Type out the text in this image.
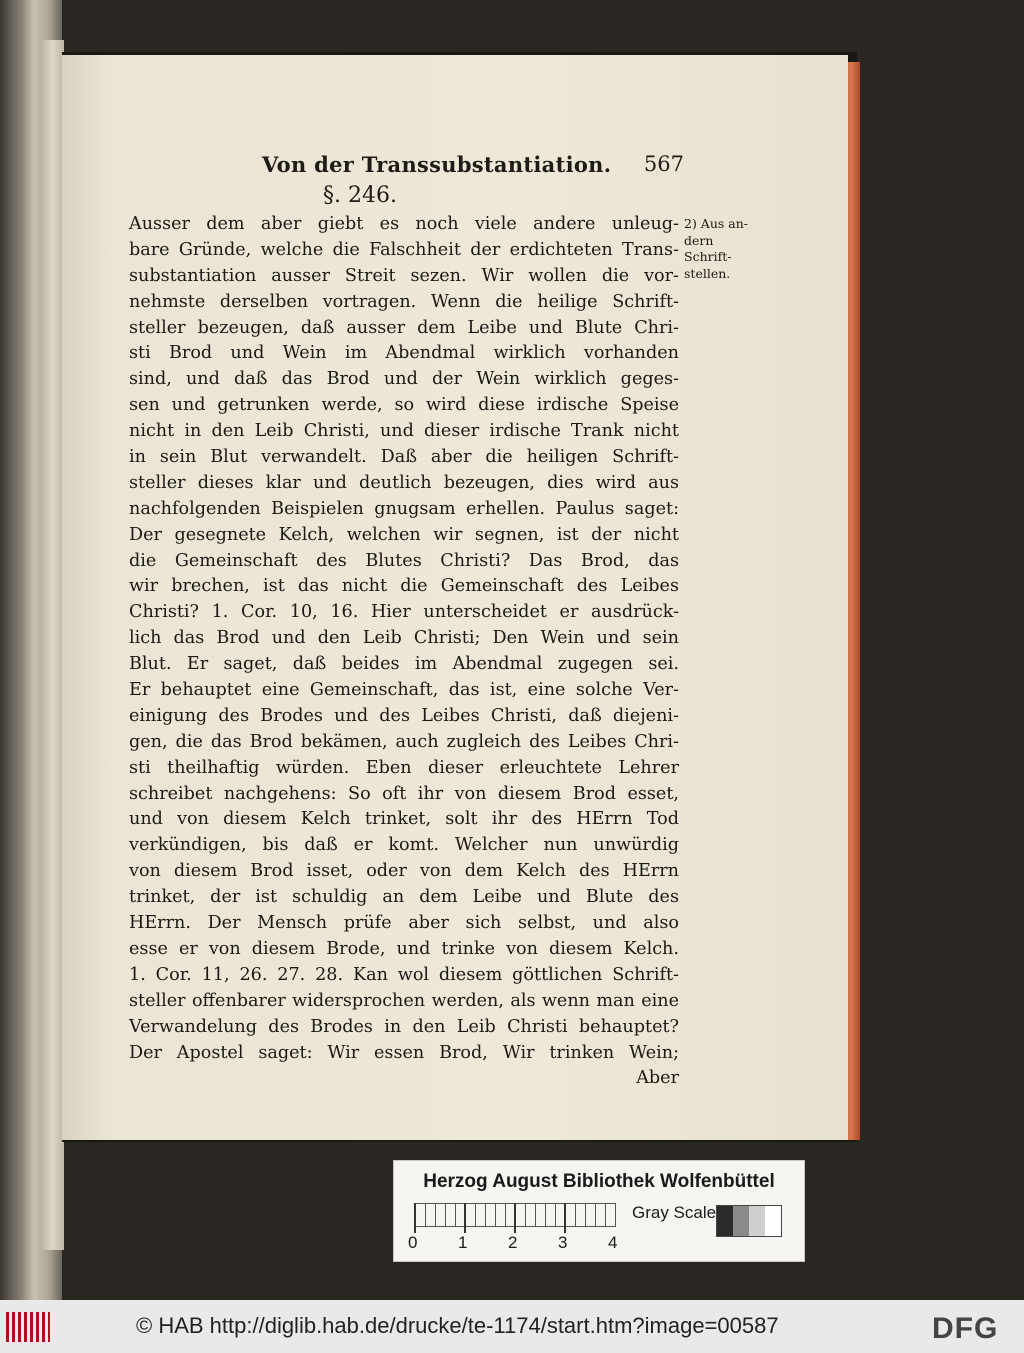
Von der Transsubstantiation. 567
§. 246.
Ausser dem aber giebt es noch viele andere unleug-
bare Gründe, welche die Falschheit der erdichteten Trans-
substantiation ausser Streit sezen. Wir wollen die vor-
nehmste derselben vortragen. Wenn die heilige Schrift-
steller bezeugen, daß ausser dem Leibe und Blute Chri-
sti Brod und Wein im Abendmal wirklich vorhanden
sind, und daß das Brod und der Wein wirklich geges-
sen und getrunken werde, so wird diese irdische Speise
nicht in den Leib Christi, und dieser irdische Trank nicht
in sein Blut verwandelt. Daß aber die heiligen Schrift-
steller dieses klar und deutlich bezeugen, dies wird aus
nachfolgenden Beispielen gnugsam erhellen. Paulus saget:
Der gesegnete Kelch, welchen wir segnen, ist der nicht
die Gemeinschaft des Blutes Christi? Das Brod, das
wir brechen, ist das nicht die Gemeinschaft des Leibes
Christi? 1. Cor. 10, 16. Hier unterscheidet er ausdrück-
lich das Brod und den Leib Christi; Den Wein und sein
Blut. Er saget, daß beides im Abendmal zugegen sei.
Er behauptet eine Gemeinschaft, das ist, eine solche Ver-
einigung des Brodes und des Leibes Christi, daß diejeni-
gen, die das Brod bekämen, auch zugleich des Leibes Chri-
sti theilhaftig würden. Eben dieser erleuchtete Lehrer
schreibet nachgehens: So oft ihr von diesem Brod esset,
und von diesem Kelch trinket, solt ihr des HErrn Tod
verkündigen, bis daß er komt. Welcher nun unwürdig
von diesem Brod isset, oder von dem Kelch des HErrn
trinket, der ist schuldig an dem Leibe und Blute des
HErrn. Der Mensch prüfe aber sich selbst, und also
esse er von diesem Brode, und trinke von diesem Kelch.
1. Cor. 11, 26. 27. 28. Kan wol diesem göttlichen Schrift-
steller offenbarer widersprochen werden, als wenn man eine
Verwandelung des Brodes in den Leib Christi behauptet?
Der Apostel saget: Wir essen Brod, Wir trinken Wein;
Aber
2) Aus an-
dern
Schrift-
stellen.
Herzog August Bibliothek Wolfenbüttel
0 1 2 3 4
Gray Scale
© HAB http://diglib.hab.de/drucke/te-1174/start.htm?image=00587	DFG
